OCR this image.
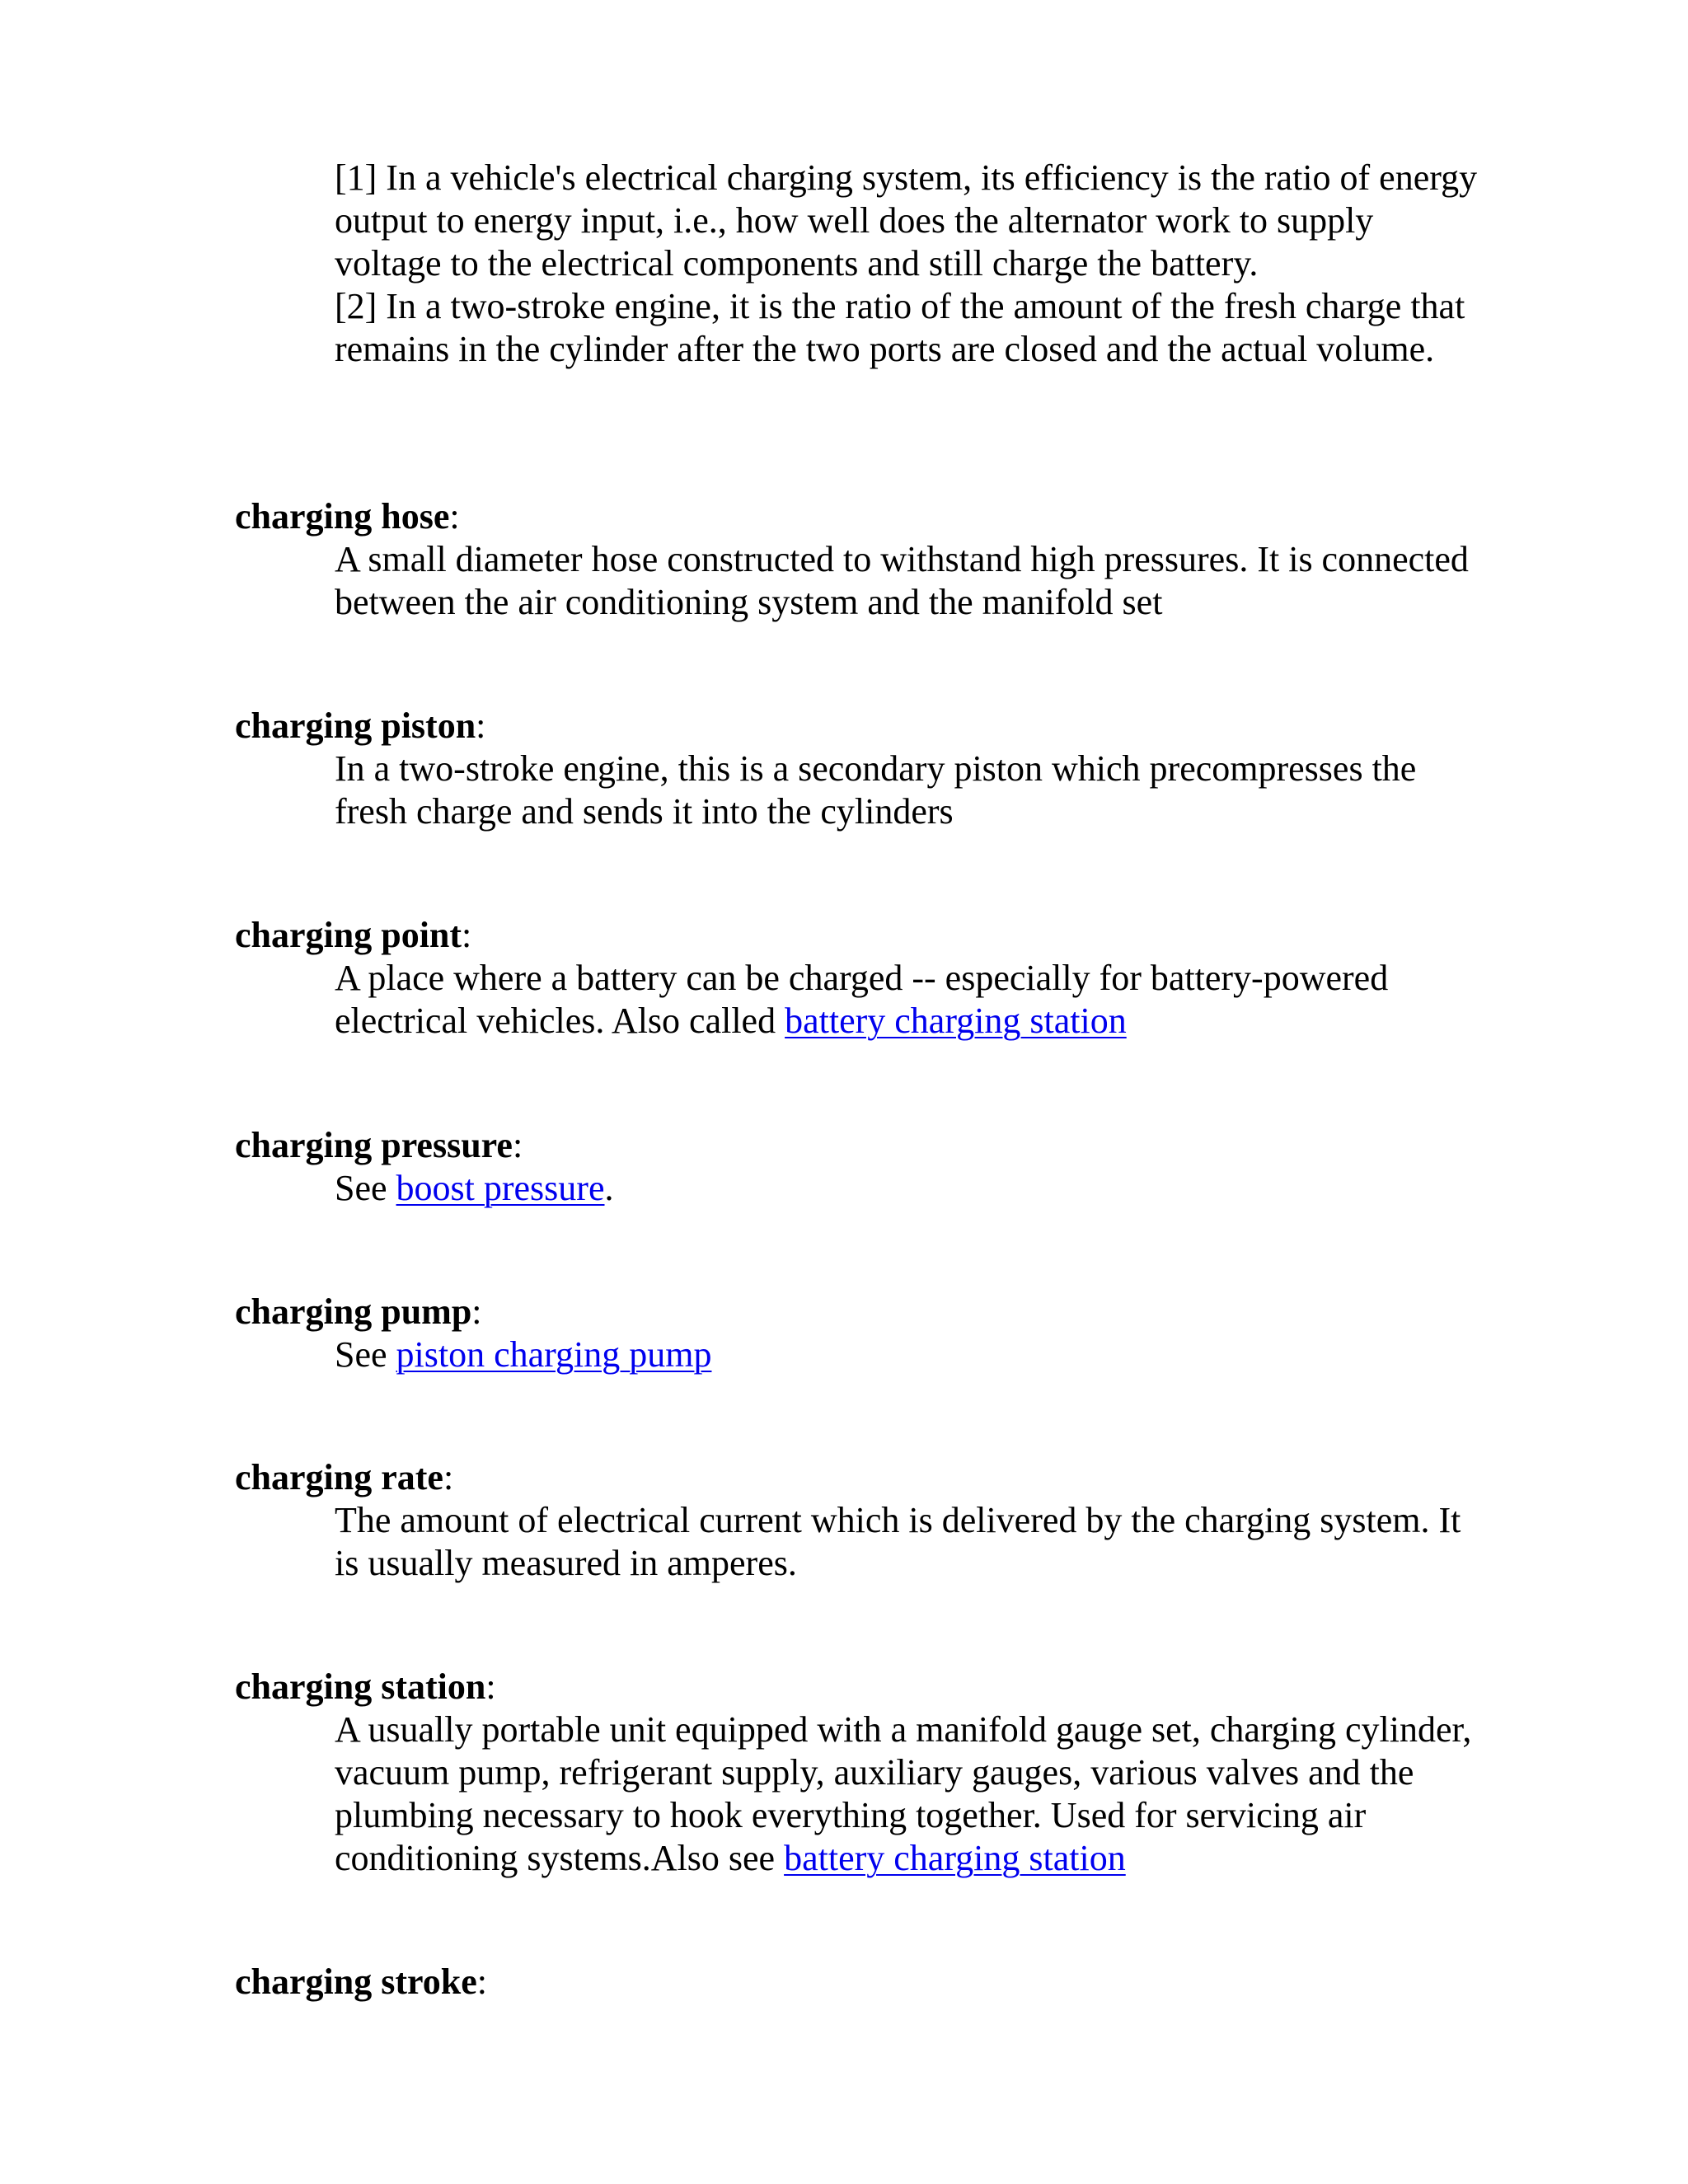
[1] In a vehicle's electrical charging system, its efficiency is the ratio of energy output to energy input, i.e., how well does the alternator work to supply voltage to the electrical components and still charge the battery.

[2] In a two-stroke engine, it is the ratio of the amount of the fresh charge that remains in the cylinder after the two ports are closed and the actual volume.

charging hose:

A small diameter hose constructed to withstand high pressures. It is connected between the air conditioning system and the manifold set

charging piston:

In a two-stroke engine, this is a secondary piston which precompresses the fresh charge and sends it into the cylinders

charging point:

A place where a battery can be charged -- especially for battery-powered electrical vehicles. Also called battery charging station

charging pressure:

See boost pressure.

charging pump:

See piston charging pump

charging rate:

The amount of electrical current which is delivered by the charging system. It is usually measured in amperes.

charging station:

A usually portable unit equipped with a manifold gauge set, charging cylinder, vacuum pump, refrigerant supply, auxiliary gauges, various valves and the plumbing necessary to hook everything together. Used for servicing air conditioning systems.Also see battery charging station

charging stroke:
